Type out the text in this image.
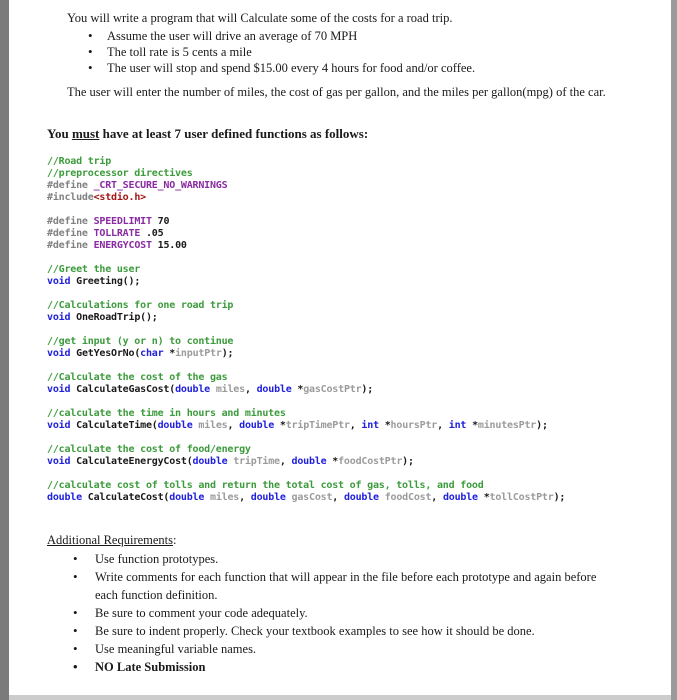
You will write a program that will Calculate some of the costs for a road trip.

• Assume the user will drive an average of 70 MPH
• The toll rate is 5 cents a mile
• The user will stop and spend $15.00 every 4 hours for food and/or coffee.

The user will enter the number of miles, the cost of gas per gallon, and the miles per gallon(mpg) of the car.

You must have at least 7 user defined functions as follows:

//Road trip
//preprocessor directives
#define _CRT_SECURE_NO_WARNINGS
#include<stdio.h>

#define SPEEDLIMIT 70
#define TOLLRATE .05
#define ENERGYCOST 15.00

//Greet the user
void Greeting();

//Calculations for one road trip
void OneRoadTrip();

//get input (y or n) to continue
void GetYesOrNo(char *inputPtr);

//Calculate the cost of the gas
void CalculateGasCost(double miles, double *gasCostPtr);

//calculate the time in hours and minutes
void CalculateTime(double miles, double *tripTimePtr, int *hoursPtr, int *minutesPtr);

//calculate the cost of food/energy
void CalculateEnergyCost(double tripTime, double *foodCostPtr);

//calculate cost of tolls and return the total cost of gas, tolls, and food
double CalculateCost(double miles, double gasCost, double foodCost, double *tollCostPtr);

Additional Requirements:

• Use function prototypes.
• Write comments for each function that will appear in the file before each prototype and again before each function definition.
• Be sure to comment your code adequately.
• Be sure to indent properly. Check your textbook examples to see how it should be done.
• Use meaningful variable names.
• NO Late Submission
